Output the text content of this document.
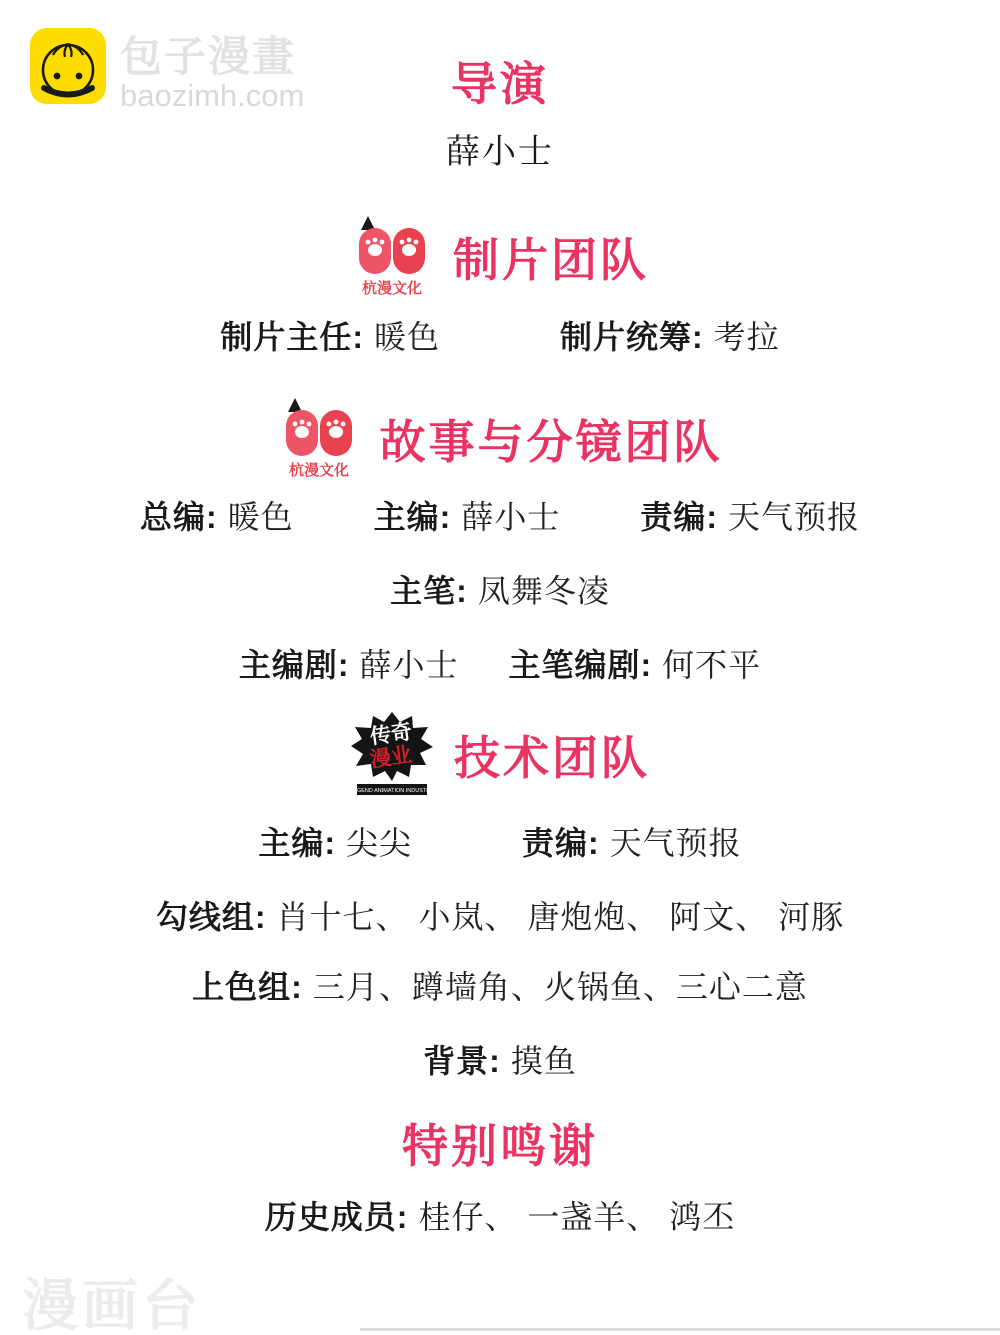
包子漫畫
baozimh.com	导演
薛小士
杭漫文化
制片团队
制片主任: 暖色	制片统筹: 考拉
杭漫文化
故事与分镜团队
总编: 暖色	主编: 薛小士	责编: 天气预报
主笔: 凤舞冬凌
主编剧: 薛小士 主笔编剧: 何不平
传奇
漫业
LEGEND ANIMATION INDUSTRY
技术团队
主编: 尖尖	责编: 天气预报
勾线组: 肖十七、 小岚、 唐炮炮、 阿文、 河豚
上色组: 三月、蹲墙角、火锅鱼、三心二意
背景: 摸鱼
特别鸣谢
历史成员: 桂仔、 一盏羊、 鸿丕
漫画台
